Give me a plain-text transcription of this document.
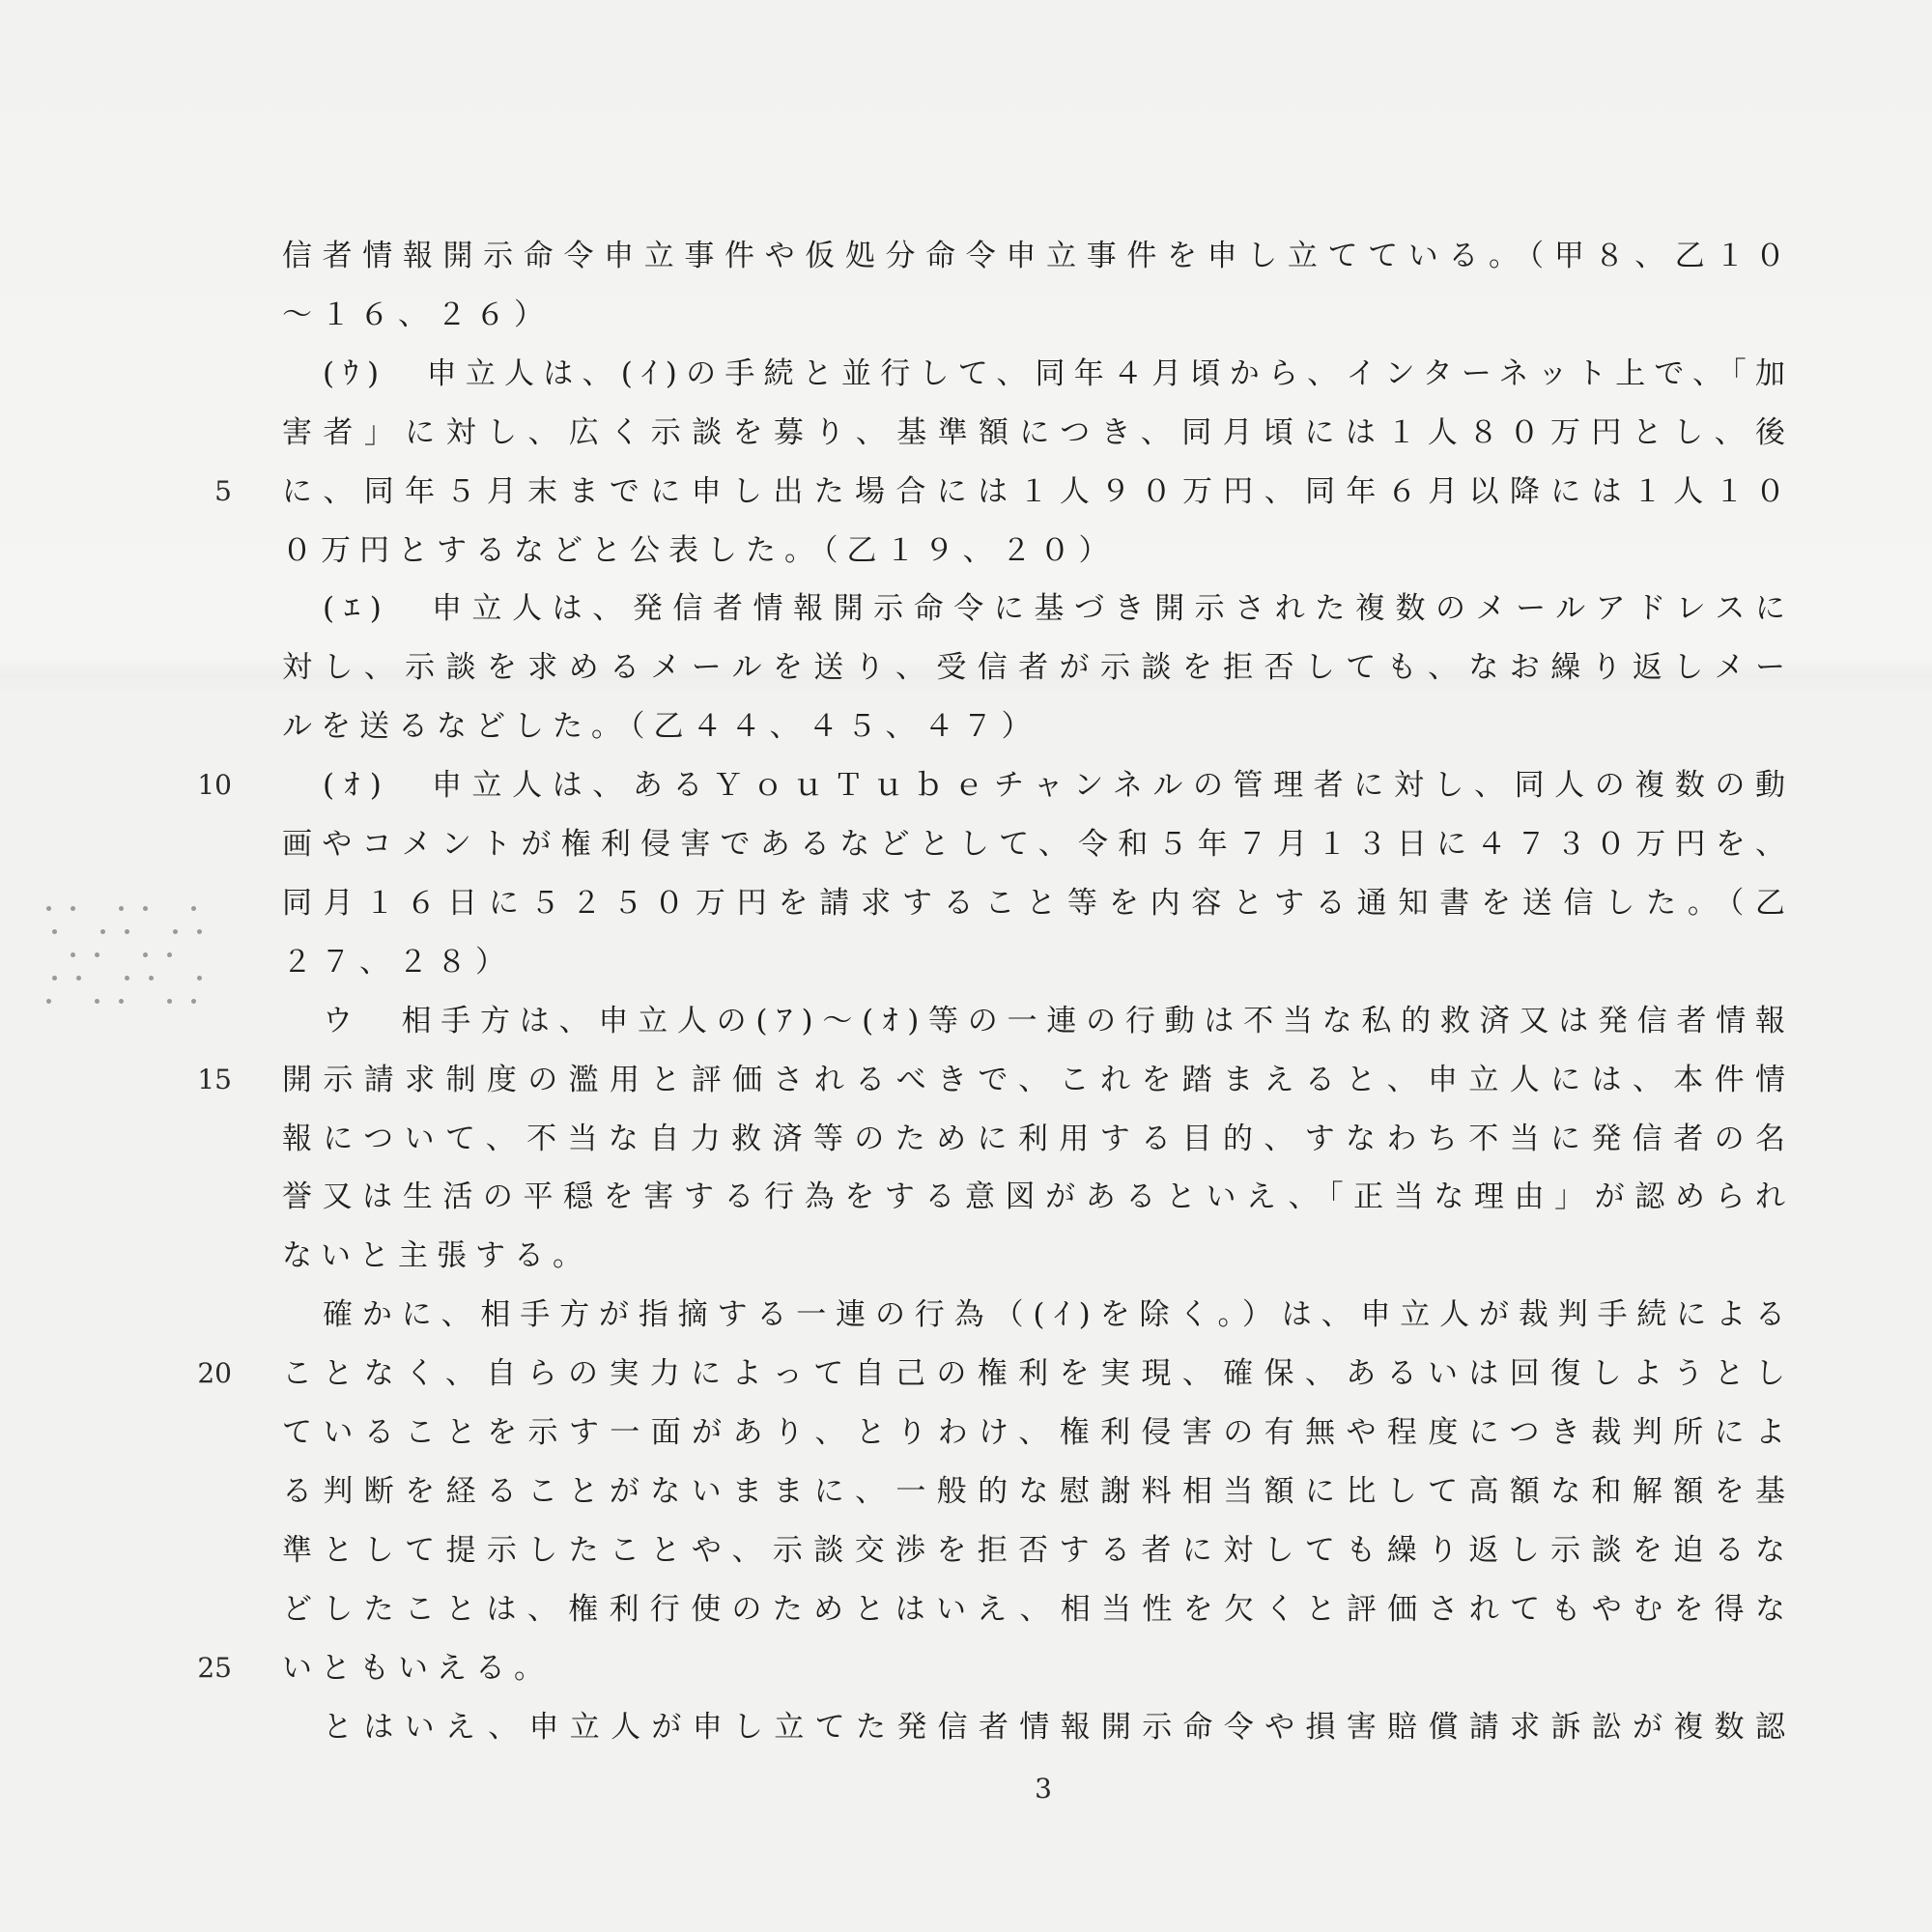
信者情報開示命令申立事件や仮処分命令申立事件を申し立てている。（甲８、乙１０
～１６、２６）
(ｳ)　申立人は、(ｲ)の手続と並行して、同年４月頃から、インターネット上で、「加
害者」に対し、広く示談を募り、基準額につき、同月頃には１人８０万円とし、後
に、同年５月末までに申し出た場合には１人９０万円、同年６月以降には１人１０
5
０万円とするなどと公表した。（乙１９、２０）
(ｴ)　申立人は、発信者情報開示命令に基づき開示された複数のメールアドレスに
対し、示談を求めるメールを送り、受信者が示談を拒否しても、なお繰り返しメー
ルを送るなどした。（乙４４、４５、４７）
(ｵ)　申立人は、あるＹｏｕＴｕｂｅチャンネルの管理者に対し、同人の複数の動
10
画やコメントが権利侵害であるなどとして、令和５年７月１３日に４７３０万円を、
同月１６日に５２５０万円を請求すること等を内容とする通知書を送信した。（乙
２７、２８）
ウ　相手方は、申立人の(ｱ)～(ｵ)等の一連の行動は不当な私的救済又は発信者情報
開示請求制度の濫用と評価されるべきで、これを踏まえると、申立人には、本件情
15
報について、不当な自力救済等のために利用する目的、すなわち不当に発信者の名
誉又は生活の平穏を害する行為をする意図があるといえ、「正当な理由」が認められ
ないと主張する。
確かに、相手方が指摘する一連の行為（(ｲ)を除く。）は、申立人が裁判手続による
ことなく、自らの実力によって自己の権利を実現、確保、あるいは回復しようとし
20
ていることを示す一面があり、とりわけ、権利侵害の有無や程度につき裁判所によ
る判断を経ることがないままに、一般的な慰謝料相当額に比して高額な和解額を基
準として提示したことや、示談交渉を拒否する者に対しても繰り返し示談を迫るな
どしたことは、権利行使のためとはいえ、相当性を欠くと評価されてもやむを得な
いともいえる。
25
とはいえ、申立人が申し立てた発信者情報開示命令や損害賠償請求訴訟が複数認
3
